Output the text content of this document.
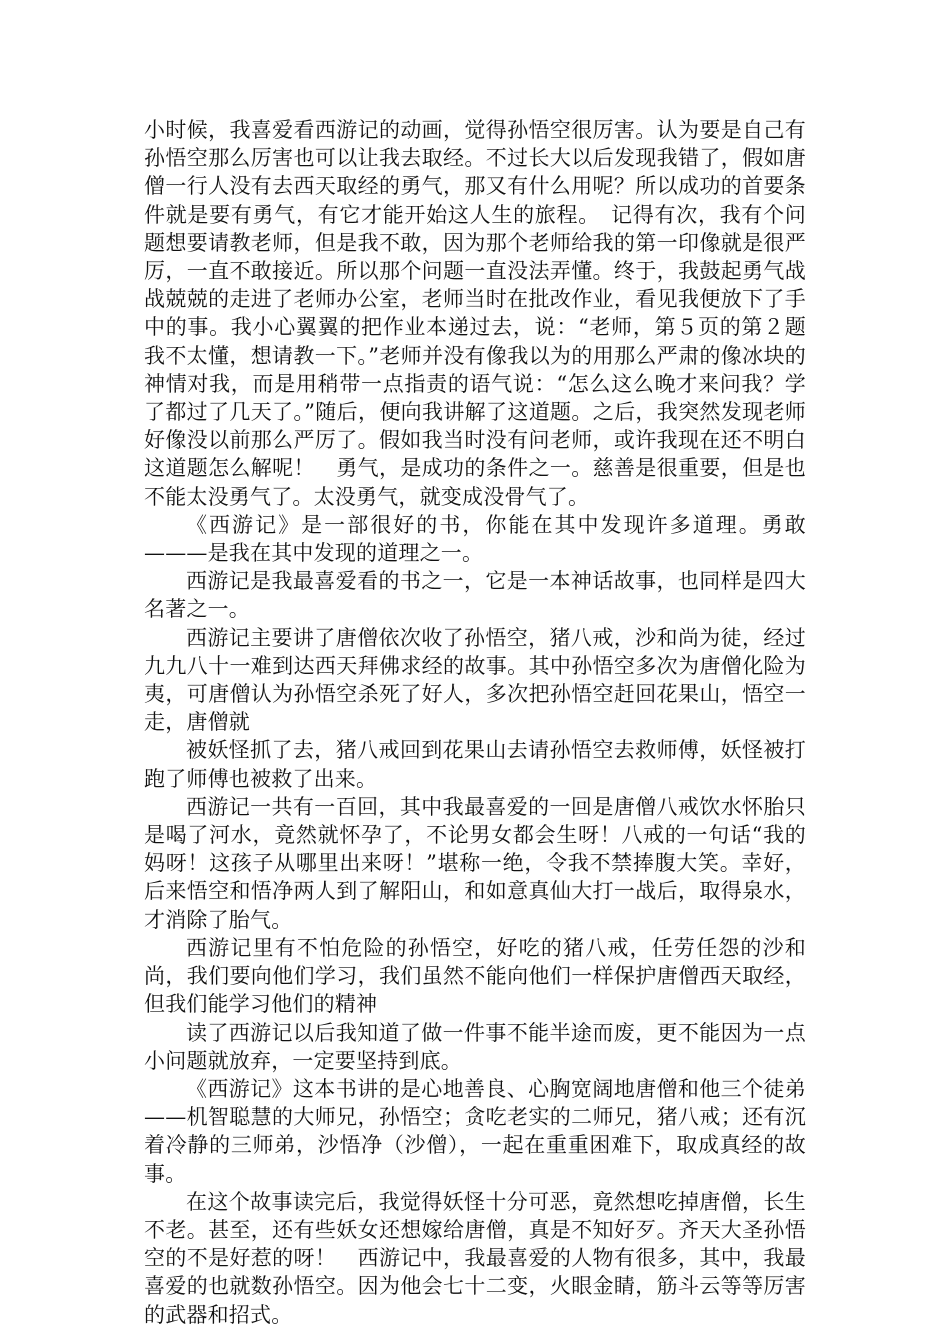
小时候，我喜爱看西游记的动画，觉得孙悟空很厉害。认为要是自己有孙悟空那么厉害也可以让我去取经。不过长大以后发现我错了，假如唐僧一行人没有去西天取经的勇气，那又有什么用呢？所以成功的首要条件就是要有勇气，有它才能开始这人生的旅程。　记得有次，我有个问题想要请教老师，但是我不敢，因为那个老师给我的第一印像就是很严厉，一直不敢接近。所以那个问题一直没法弄懂。终于，我鼓起勇气战战兢兢的走进了老师办公室，老师当时在批改作业，看见我便放下了手中的事。我小心翼翼的把作业本递过去，说：“老师，第５页的第２题我不太懂，想请教一下。”老师并没有像我以为的用那么严肃的像冰块的神情对我，而是用稍带一点指责的语气说：“怎么这么晚才来问我？学了都过了几天了。”随后，便向我讲解了这道题。之后，我突然发现老师好像没以前那么严厉了。假如我当时没有问老师，或许我现在还不明白这道题怎么解呢！　勇气，是成功的条件之一。慈善是很重要，但是也不能太没勇气了。太没勇气，就变成没骨气了。

《西游记》是一部很好的书，你能在其中发现许多道理。勇敢———是我在其中发现的道理之一。

西游记是我最喜爱看的书之一，它是一本神话故事，也同样是四大名著之一。

西游记主要讲了唐僧依次收了孙悟空，猪八戒，沙和尚为徒，经过九九八十一难到达西天拜佛求经的故事。其中孙悟空多次为唐僧化险为夷，可唐僧认为孙悟空杀死了好人，多次把孙悟空赶回花果山，悟空一走，唐僧就

被妖怪抓了去，猪八戒回到花果山去请孙悟空去救师傅，妖怪被打跑了师傅也被救了出来。

西游记一共有一百回，其中我最喜爱的一回是唐僧八戒饮水怀胎只是喝了河水，竟然就怀孕了，不论男女都会生呀！八戒的一句话“我的妈呀！这孩子从哪里出来呀！”堪称一绝，令我不禁捧腹大笑。幸好，后来悟空和悟净两人到了解阳山，和如意真仙大打一战后，取得泉水，才消除了胎气。

西游记里有不怕危险的孙悟空，好吃的猪八戒，任劳任怨的沙和尚，我们要向他们学习，我们虽然不能向他们一样保护唐僧西天取经，但我们能学习他们的精神

读了西游记以后我知道了做一件事不能半途而废，更不能因为一点小问题就放弃，一定要坚持到底。

《西游记》这本书讲的是心地善良、心胸宽阔地唐僧和他三个徒弟——机智聪慧的大师兄，孙悟空；贪吃老实的二师兄，猪八戒；还有沉着冷静的三师弟，沙悟净（沙僧），一起在重重困难下，取成真经的故事。

在这个故事读完后，我觉得妖怪十分可恶，竟然想吃掉唐僧，长生不老。甚至，还有些妖女还想嫁给唐僧，真是不知好歹。齐天大圣孙悟空的不是好惹的呀！　西游记中，我最喜爱的人物有很多，其中，我最喜爱的也就数孙悟空。因为他会七十二变，火眼金睛，筋斗云等等厉害的武器和招式。
